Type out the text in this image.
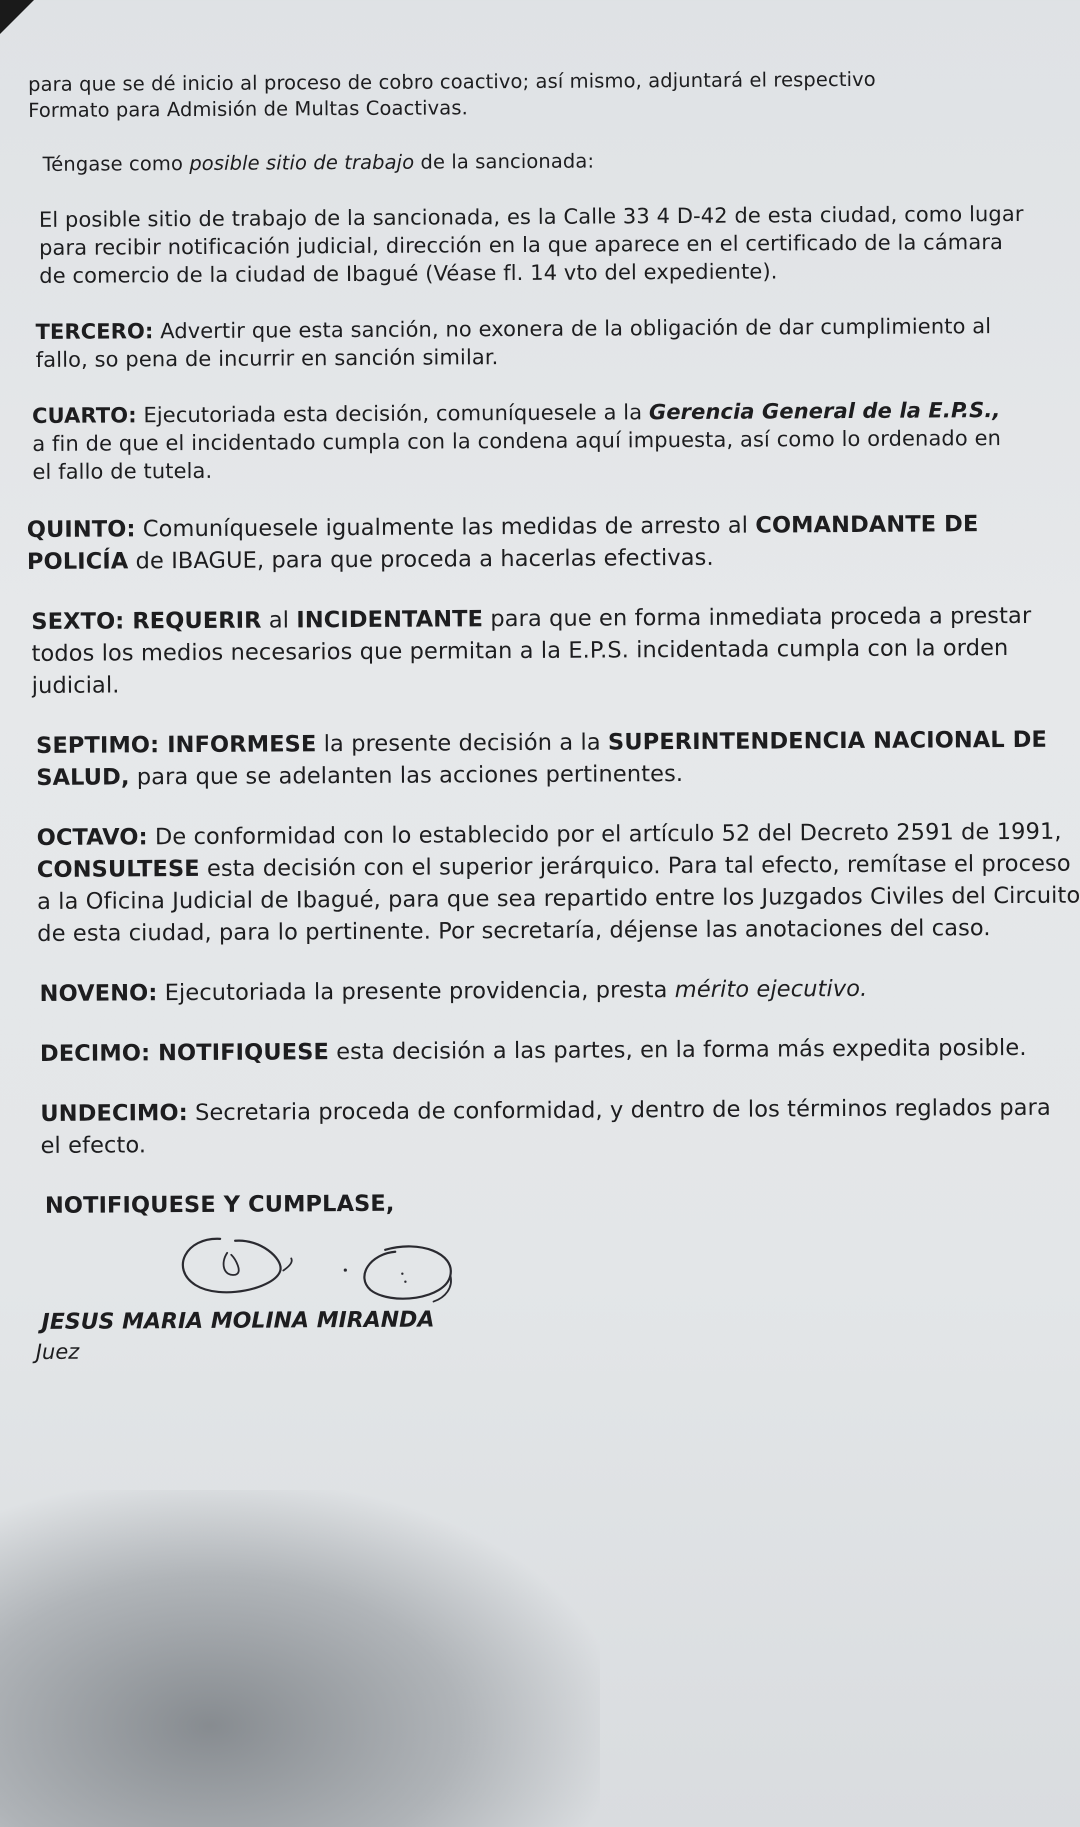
para que se dé inicio al proceso de cobro coactivo; así mismo, adjuntará el respectivo
Formato para Admisión de Multas Coactivas.

Téngase como posible sitio de trabajo de la sancionada:

El posible sitio de trabajo de la sancionada, es la Calle 33 4 D-42 de esta ciudad, como lugar
para recibir notificación judicial, dirección en la que aparece en el certificado de la cámara
de comercio de la ciudad de Ibagué (Véase fl. 14 vto del expediente).

TERCERO: Advertir que esta sanción, no exonera de la obligación de dar cumplimiento al
fallo, so pena de incurrir en sanción similar.

CUARTO: Ejecutoriada esta decisión, comuníquesele a la Gerencia General de la E.P.S.,
a fin de que el incidentado cumpla con la condena aquí impuesta, así como lo ordenado en
el fallo de tutela.

QUINTO: Comuníquesele igualmente las medidas de arresto al COMANDANTE DE
POLICÍA de IBAGUE, para que proceda a hacerlas efectivas.

SEXTO: REQUERIR al INCIDENTANTE para que en forma inmediata proceda a prestar
todos los medios necesarios que permitan a la E.P.S. incidentada cumpla con la orden
judicial.

SEPTIMO: INFORMESE la presente decisión a la SUPERINTENDENCIA NACIONAL DE
SALUD, para que se adelanten las acciones pertinentes.

OCTAVO: De conformidad con lo establecido por el artículo 52 del Decreto 2591 de 1991,
CONSULTESE esta decisión con el superior jerárquico. Para tal efecto, remítase el proceso
a la Oficina Judicial de Ibagué, para que sea repartido entre los Juzgados Civiles del Circuito
de esta ciudad, para lo pertinente. Por secretaría, déjense las anotaciones del caso.

NOVENO: Ejecutoriada la presente providencia, presta mérito ejecutivo.

DECIMO: NOTIFIQUESE esta decisión a las partes, en la forma más expedita posible.

UNDECIMO: Secretaria proceda de conformidad, y dentro de los términos reglados para
el efecto.

NOTIFIQUESE Y CUMPLASE,

JESUS MARIA MOLINA MIRANDA

Juez
